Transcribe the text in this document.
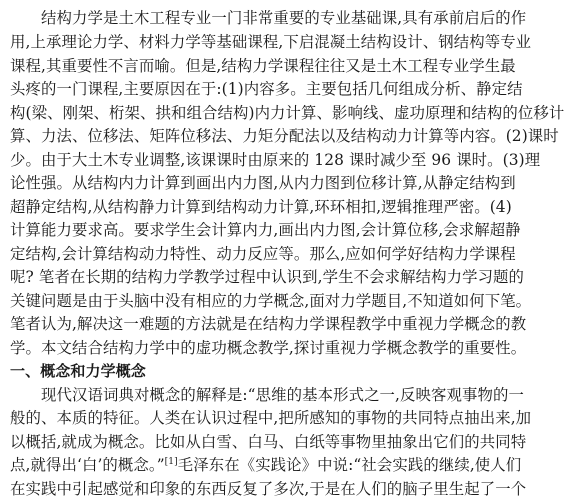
结构力学是土木工程专业一门非常重要的专业基础课,具有承前启后的作
用,上承理论力学、材料力学等基础课程,下启混凝土结构设计、钢结构等专业
课程,其重要性不言而喻。但是,结构力学课程往往又是土木工程专业学生最
头疼的一门课程,主要原因在于:(1)内容多。主要包括几何组成分析、静定结
构(梁、刚架、桁架、拱和组合结构)内力计算、影响线、虚功原理和结构的位移计
算、力法、位移法、矩阵位移法、力矩分配法以及结构动力计算等内容。(2)课时
少。由于大土木专业调整,该课课时由原来的 128 课时减少至 96 课时。(3)理
论性强。从结构内力计算到画出内力图,从内力图到位移计算,从静定结构到
超静定结构,从结构静力计算到结构动力计算,环环相扣,逻辑推理严密。(4)
计算能力要求高。要求学生会计算内力,画出内力图,会计算位移,会求解超静
定结构,会计算结构动力特性、动力反应等。那么,应如何学好结构力学课程
呢? 笔者在长期的结构力学教学过程中认识到,学生不会求解结构力学习题的
关键问题是由于头脑中没有相应的力学概念,面对力学题目,不知道如何下笔。
笔者认为,解决这一难题的方法就是在结构力学课程教学中重视力学概念的教
学。本文结合结构力学中的虚功概念教学,探讨重视力学概念教学的重要性。
一、概念和力学概念
现代汉语词典对概念的解释是:“思维的基本形式之一,反映客观事物的一
般的、本质的特征。人类在认识过程中,把所感知的事物的共同特点抽出来,加
以概括,就成为概念。比如从白雪、白马、白纸等事物里抽象出它们的共同特
点,就得出‘白’的概念。”[1]毛泽东在《实践论》中说:“社会实践的继续,使人们
在实践中引起感觉和印象的东西反复了多次,于是在人们的脑子里生起了一个
